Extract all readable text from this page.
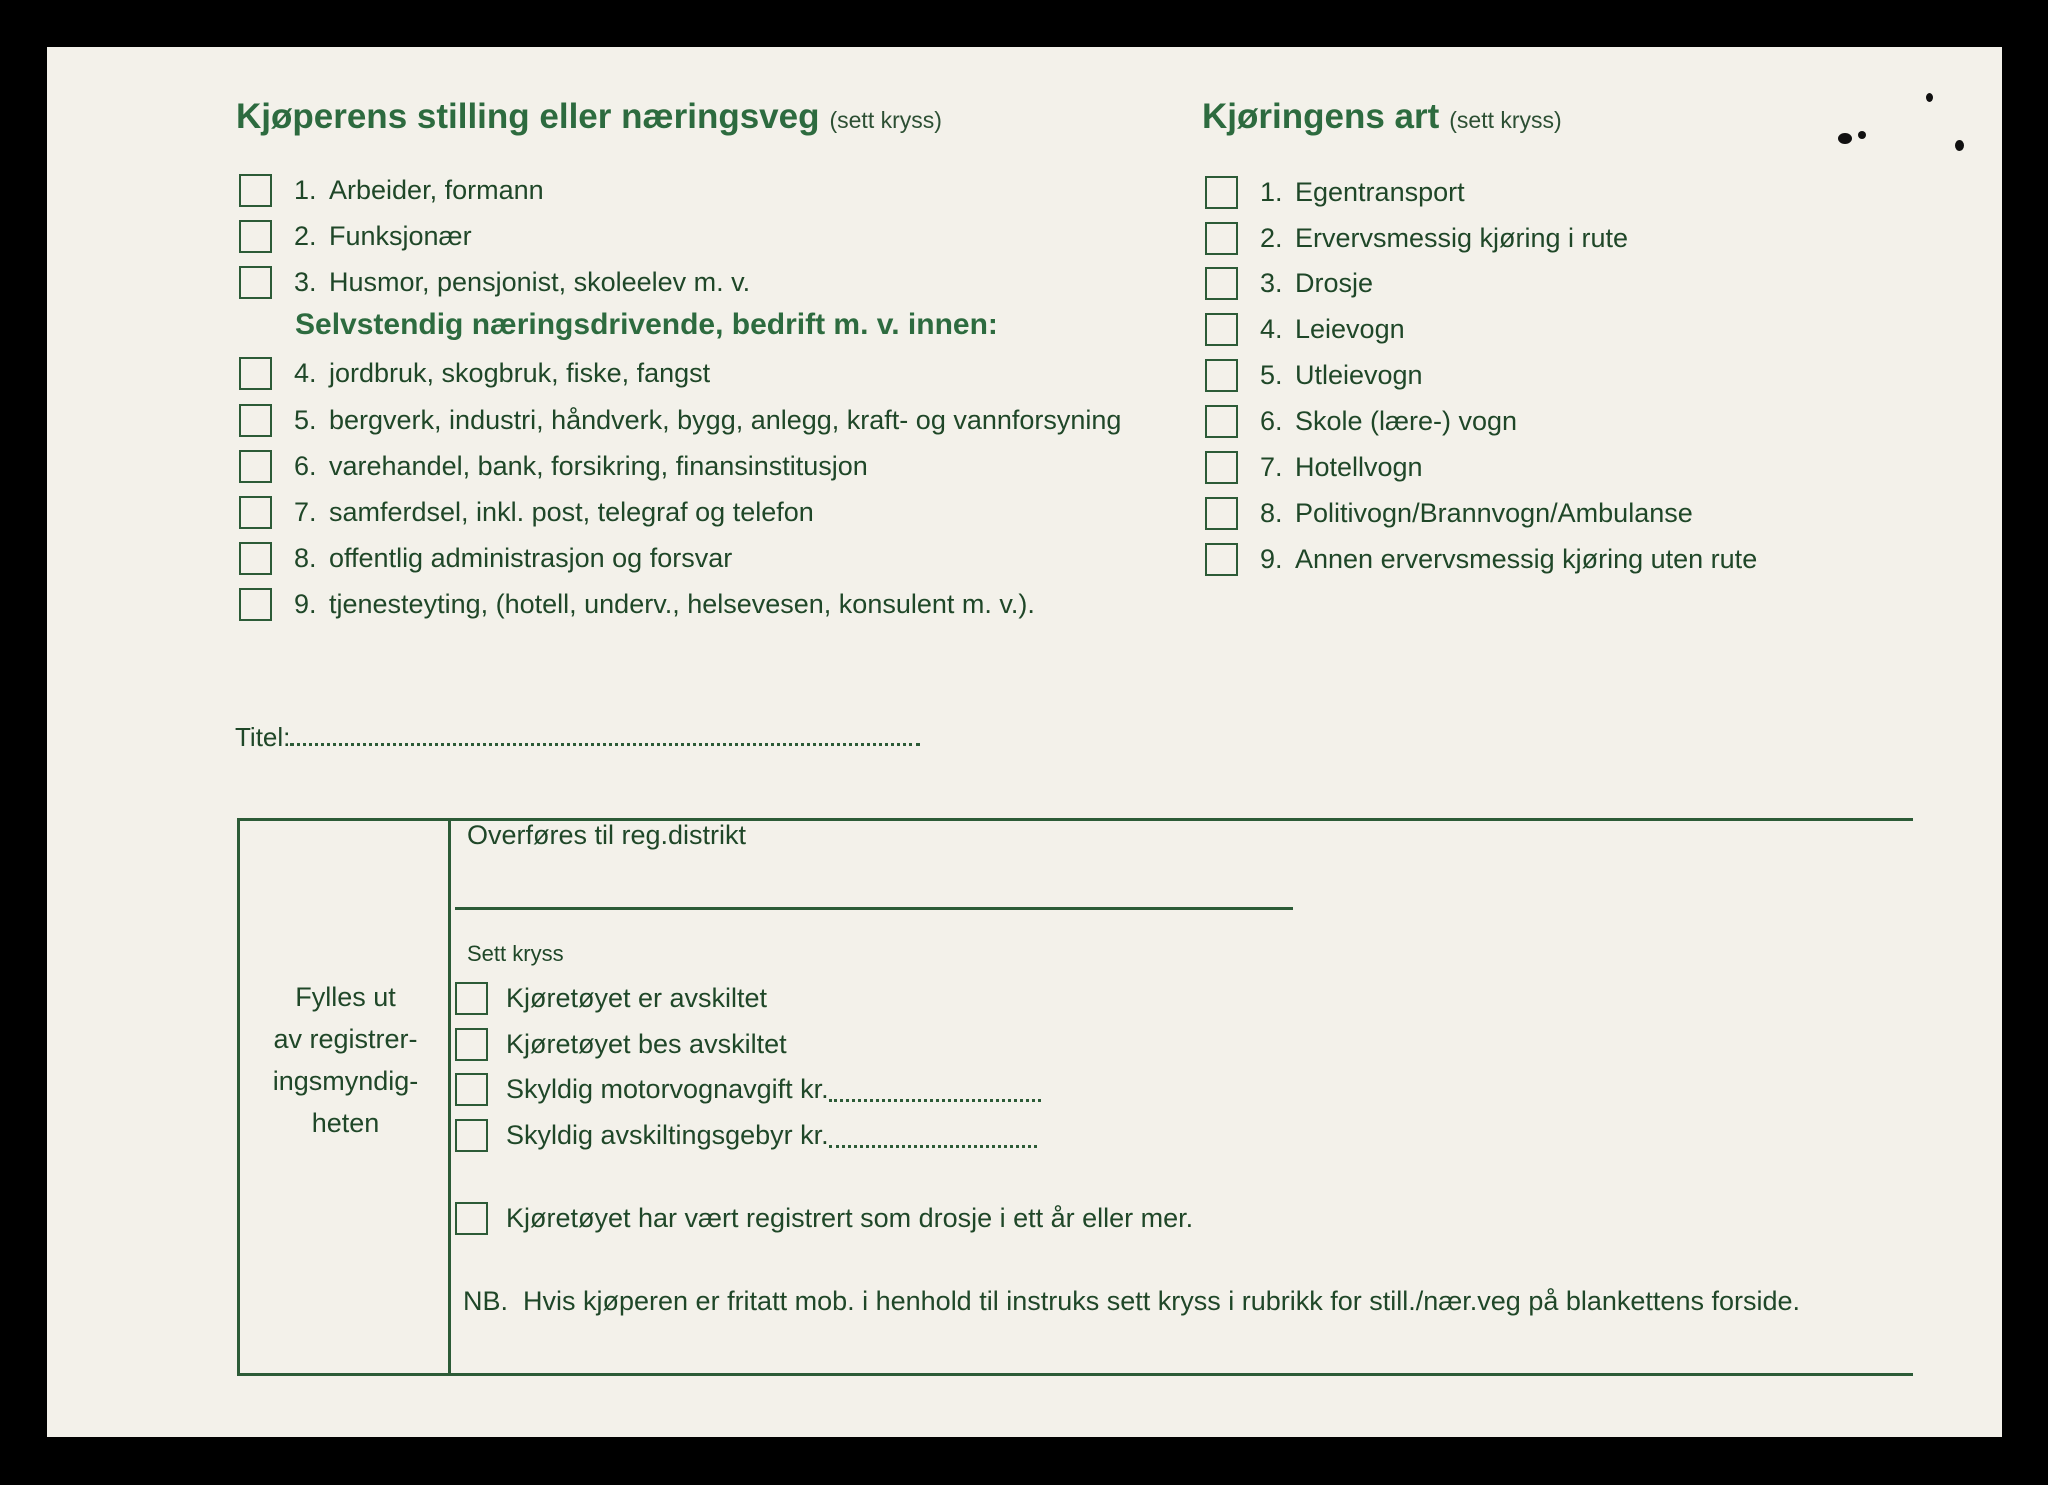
Kjøperens stilling eller næringsveg (sett kryss)
1. Arbeider, formann
2. Funksjonær
3. Husmor, pensjonist, skoleelev m. v.
Selvstendig næringsdrivende, bedrift m. v. innen:
4. jordbruk, skogbruk, fiske, fangst
5. bergverk, industri, håndverk, bygg, anlegg, kraft- og vannforsyning
6. varehandel, bank, forsikring, finansinstitusjon
7. samferdsel, inkl. post, telegraf og telefon
8. offentlig administrasjon og forsvar
9. tjenesteyting, (hotell, underv., helsevesen, konsulent m. v.).
Kjøringens art (sett kryss)
1. Egentransport
2. Ervervsmessig kjøring i rute
3. Drosje
4. Leievogn
5. Utleievogn
6. Skole (lære-) vogn
7. Hotellvogn
8. Politivogn/Brannvogn/Ambulanse
9. Annen ervervsmessig kjøring uten rute
Titel:
Fylles ut
av registrer-
ingsmyndig-
heten
Overføres til reg.distrikt
Sett kryss
Kjøretøyet er avskiltet
Kjøretøyet bes avskiltet
Skyldig motorvognavgift kr.
Skyldig avskiltingsgebyr kr.
Kjøretøyet har vært registrert som drosje i ett år eller mer.
NB.  Hvis kjøperen er fritatt mob. i henhold til instruks sett kryss i rubrikk for still./nær.veg på blankettens forside.
